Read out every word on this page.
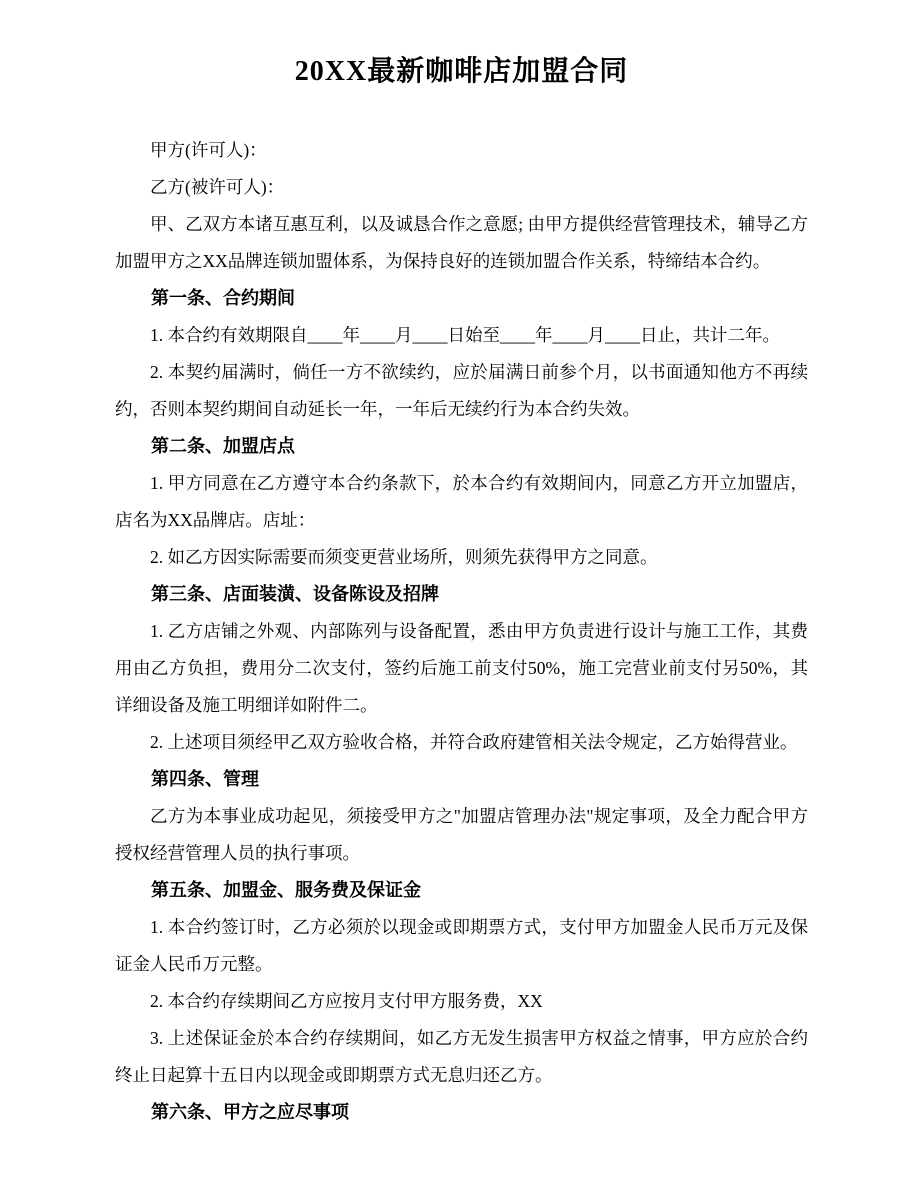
20XX最新咖啡店加盟合同

甲方(许可人)：

乙方(被许可人)：

甲、乙双方本诸互惠互利，以及诚恳合作之意愿; 由甲方提供经营管理技术，辅导乙方加盟甲方之XX品牌连锁加盟体系，为保持良好的连锁加盟合作关系，特缔结本合约。

第一条、合约期间

1. 本合约有效期限自____年____月____日始至____年____月____日止，共计二年。

2. 本契约届满时，倘任一方不欲续约，应於届满日前参个月，以书面通知他方不再续约，否则本契约期间自动延长一年，一年后无续约行为本合约失效。

第二条、加盟店点

1. 甲方同意在乙方遵守本合约条款下，於本合约有效期间内，同意乙方开立加盟店，店名为XX品牌店。店址：

2. 如乙方因实际需要而须变更营业场所，则须先获得甲方之同意。

第三条、店面装潢、设备陈设及招牌

1. 乙方店铺之外观、内部陈列与设备配置，悉由甲方负责进行设计与施工工作，其费用由乙方负担，费用分二次支付，签约后施工前支付50%，施工完营业前支付另50%，其详细设备及施工明细详如附件二。

2. 上述项目须经甲乙双方验收合格，并符合政府建管相关法令规定，乙方始得营业。

第四条、管理

乙方为本事业成功起见，须接受甲方之"加盟店管理办法"规定事项，及全力配合甲方授权经营管理人员的执行事项。

第五条、加盟金、服务费及保证金

1. 本合约签订时，乙方必须於以现金或即期票方式，支付甲方加盟金人民币万元及保证金人民币万元整。

2. 本合约存续期间乙方应按月支付甲方服务费，XX

3. 上述保证金於本合约存续期间，如乙方无发生损害甲方权益之情事，甲方应於合约终止日起算十五日内以现金或即期票方式无息归还乙方。

第六条、甲方之应尽事项
